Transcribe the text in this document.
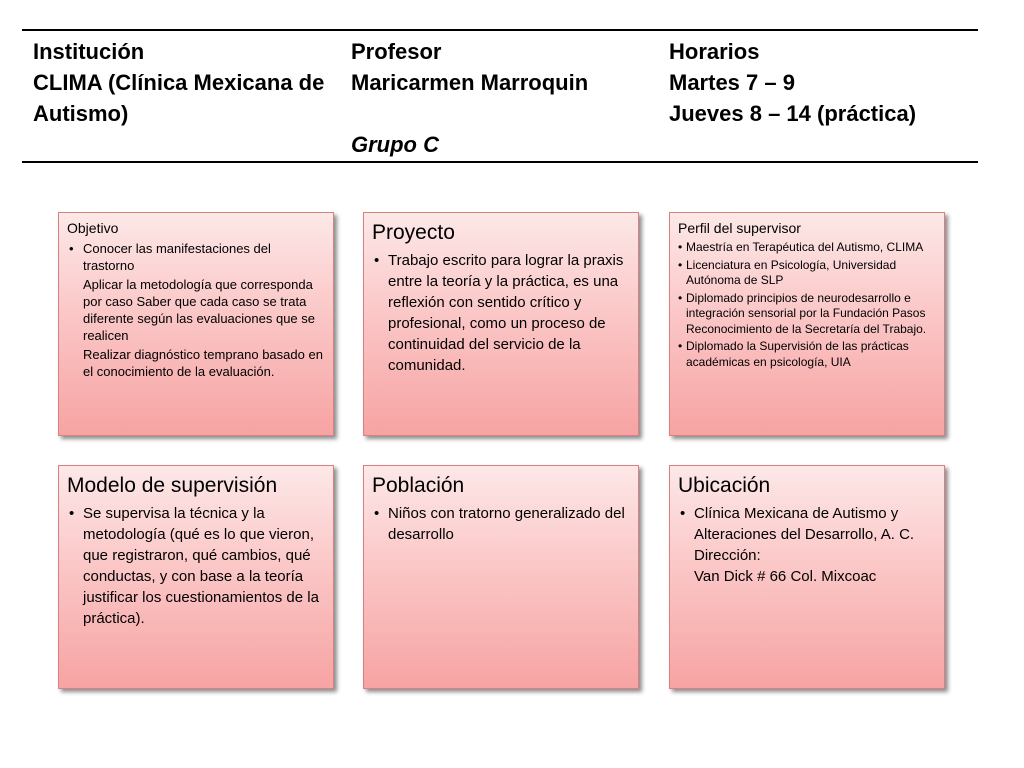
Institución
CLIMA (Clínica Mexicana de
Autismo)
Profesor
Maricarmen Marroquin
Grupo C
Horarios
Martes 7 – 9
Jueves 8 – 14 (práctica)
Objetivo
• Conocer las manifestaciones del trastorno
Aplicar la metodología que corresponda por caso Saber que cada caso se trata diferente según las evaluaciones que se realicen
Realizar diagnóstico temprano basado en el conocimiento de la evaluación.
Proyecto
• Trabajo escrito para lograr la praxis entre la teoría y la práctica, es una reflexión con sentido crítico y profesional, como un proceso de continuidad del servicio de la comunidad.
Perfil del supervisor
• Maestría en Terapéutica del Autismo, CLIMA
• Licenciatura en Psicología, Universidad Autónoma de SLP
• Diplomado principios de neurodesarrollo e integración sensorial por la Fundación Pasos Reconocimiento de la Secretaría del Trabajo.
• Diplomado la Supervisión de las prácticas académicas en psicología, UIA
Modelo de supervisión
• Se supervisa la técnica y la metodología (qué es lo que vieron, que registraron, qué cambios, qué conductas, y con base a la teoría justificar los cuestionamientos de la práctica).
Población
• Niños con tratorno generalizado del desarrollo
Ubicación
• Clínica Mexicana de Autismo y Alteraciones del Desarrollo, A. C.
Dirección:
Van Dick # 66 Col. Mixcoac
